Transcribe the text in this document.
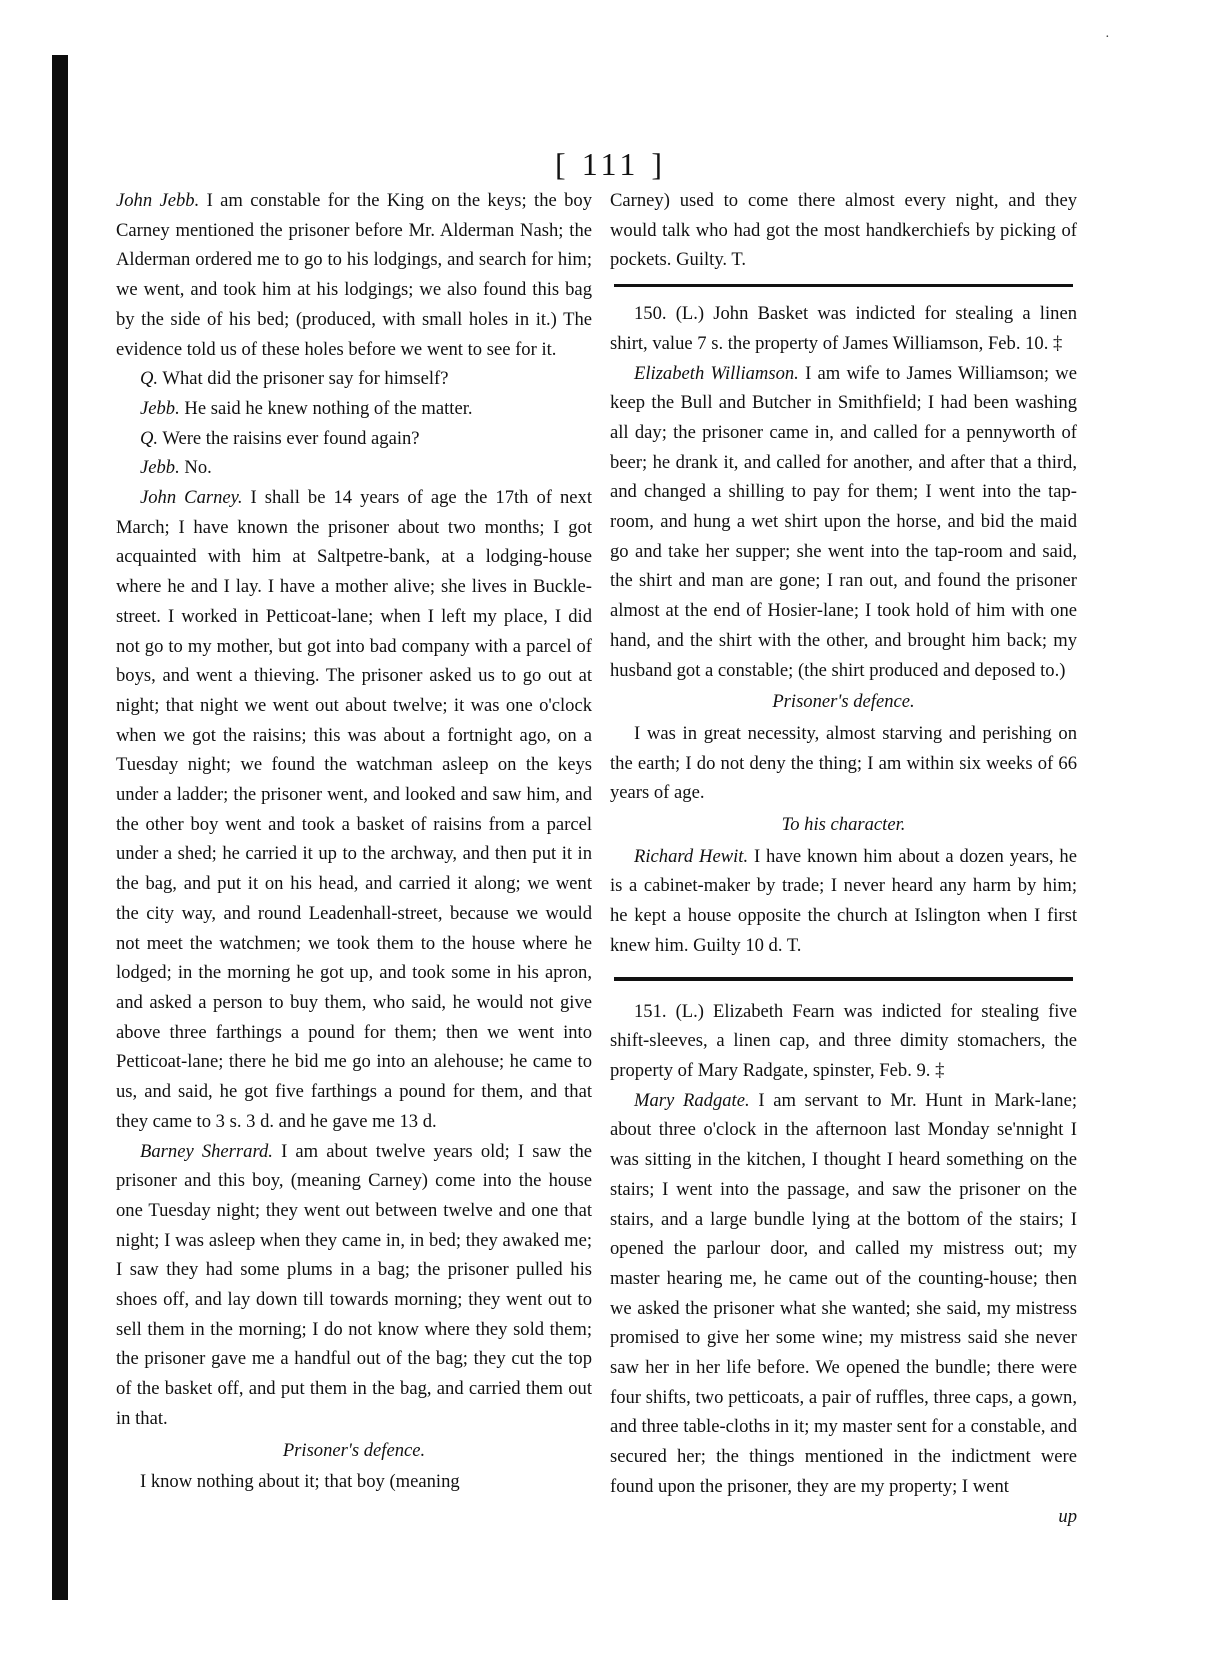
·
[ 111 ]

John Jebb. I am constable for the King on the keys; the boy Carney mentioned the prisoner before Mr. Alderman Nash; the Alderman ordered me to go to his lodgings, and search for him; we went, and took him at his lodgings; we also found this bag by the side of his bed; (produced, with small holes in it.) The evidence told us of these holes before we went to see for it.

Q. What did the prisoner say for himself?

Jebb. He said he knew nothing of the matter.

Q. Were the raisins ever found again?

Jebb. No.

John Carney. I shall be 14 years of age the 17th of next March; I have known the prisoner about two months; I got acquainted with him at Saltpetre-bank, at a lodging-house where he and I lay. I have a mother alive; she lives in Buckle-street. I worked in Petticoat-lane; when I left my place, I did not go to my mother, but got into bad company with a parcel of boys, and went a thieving. The prisoner asked us to go out at night; that night we went out about twelve; it was one o'clock when we got the raisins; this was about a fortnight ago, on a Tuesday night; we found the watchman asleep on the keys under a ladder; the prisoner went, and looked and saw him, and the other boy went and took a basket of raisins from a parcel under a shed; he carried it up to the archway, and then put it in the bag, and put it on his head, and carried it along; we went the city way, and round Leadenhall-street, because we would not meet the watchmen; we took them to the house where he lodged; in the morning he got up, and took some in his apron, and asked a person to buy them, who said, he would not give above three farthings a pound for them; then we went into Petticoat-lane; there he bid me go into an alehouse; he came to us, and said, he got five farthings a pound for them, and that they came to 3 s. 3 d. and he gave me 13 d.

Barney Sherrard. I am about twelve years old; I saw the prisoner and this boy, (meaning Carney) come into the house one Tuesday night; they went out between twelve and one that night; I was asleep when they came in, in bed; they awaked me; I saw they had some plums in a bag; the prisoner pulled his shoes off, and lay down till towards morning; they went out to sell them in the morning; I do not know where they sold them; the prisoner gave me a handful out of the bag; they cut the top of the basket off, and put them in the bag, and carried them out in that.

Prisoner's defence.

I know nothing about it; that boy (meaning

Carney) used to come there almost every night, and they would talk who had got the most handkerchiefs by picking of pockets. Guilty. T.

150. (L.) John Basket was indicted for stealing a linen shirt, value 7 s. the property of James Williamson, Feb. 10. ‡

Elizabeth Williamson. I am wife to James Williamson; we keep the Bull and Butcher in Smithfield; I had been washing all day; the prisoner came in, and called for a pennyworth of beer; he drank it, and called for another, and after that a third, and changed a shilling to pay for them; I went into the tap-room, and hung a wet shirt upon the horse, and bid the maid go and take her supper; she went into the tap-room and said, the shirt and man are gone; I ran out, and found the prisoner almost at the end of Hosier-lane; I took hold of him with one hand, and the shirt with the other, and brought him back; my husband got a constable; (the shirt produced and deposed to.)

Prisoner's defence.

I was in great necessity, almost starving and perishing on the earth; I do not deny the thing; I am within six weeks of 66 years of age.

To his character.

Richard Hewit. I have known him about a dozen years, he is a cabinet-maker by trade; I never heard any harm by him; he kept a house opposite the church at Islington when I first knew him. Guilty 10 d. T.

151. (L.) Elizabeth Fearn was indicted for stealing five shift-sleeves, a linen cap, and three dimity stomachers, the property of Mary Radgate, spinster, Feb. 9. ‡

Mary Radgate. I am servant to Mr. Hunt in Mark-lane; about three o'clock in the afternoon last Monday se'nnight I was sitting in the kitchen, I thought I heard something on the stairs; I went into the passage, and saw the prisoner on the stairs, and a large bundle lying at the bottom of the stairs; I opened the parlour door, and called my mistress out; my master hearing me, he came out of the counting-house; then we asked the prisoner what she wanted; she said, my mistress promised to give her some wine; my mistress said she never saw her in her life before. We opened the bundle; there were four shifts, two petticoats, a pair of ruffles, three caps, a gown, and three table-cloths in it; my master sent for a constable, and secured her; the things mentioned in the indictment were found upon the prisoner, they are my property; I went

up
